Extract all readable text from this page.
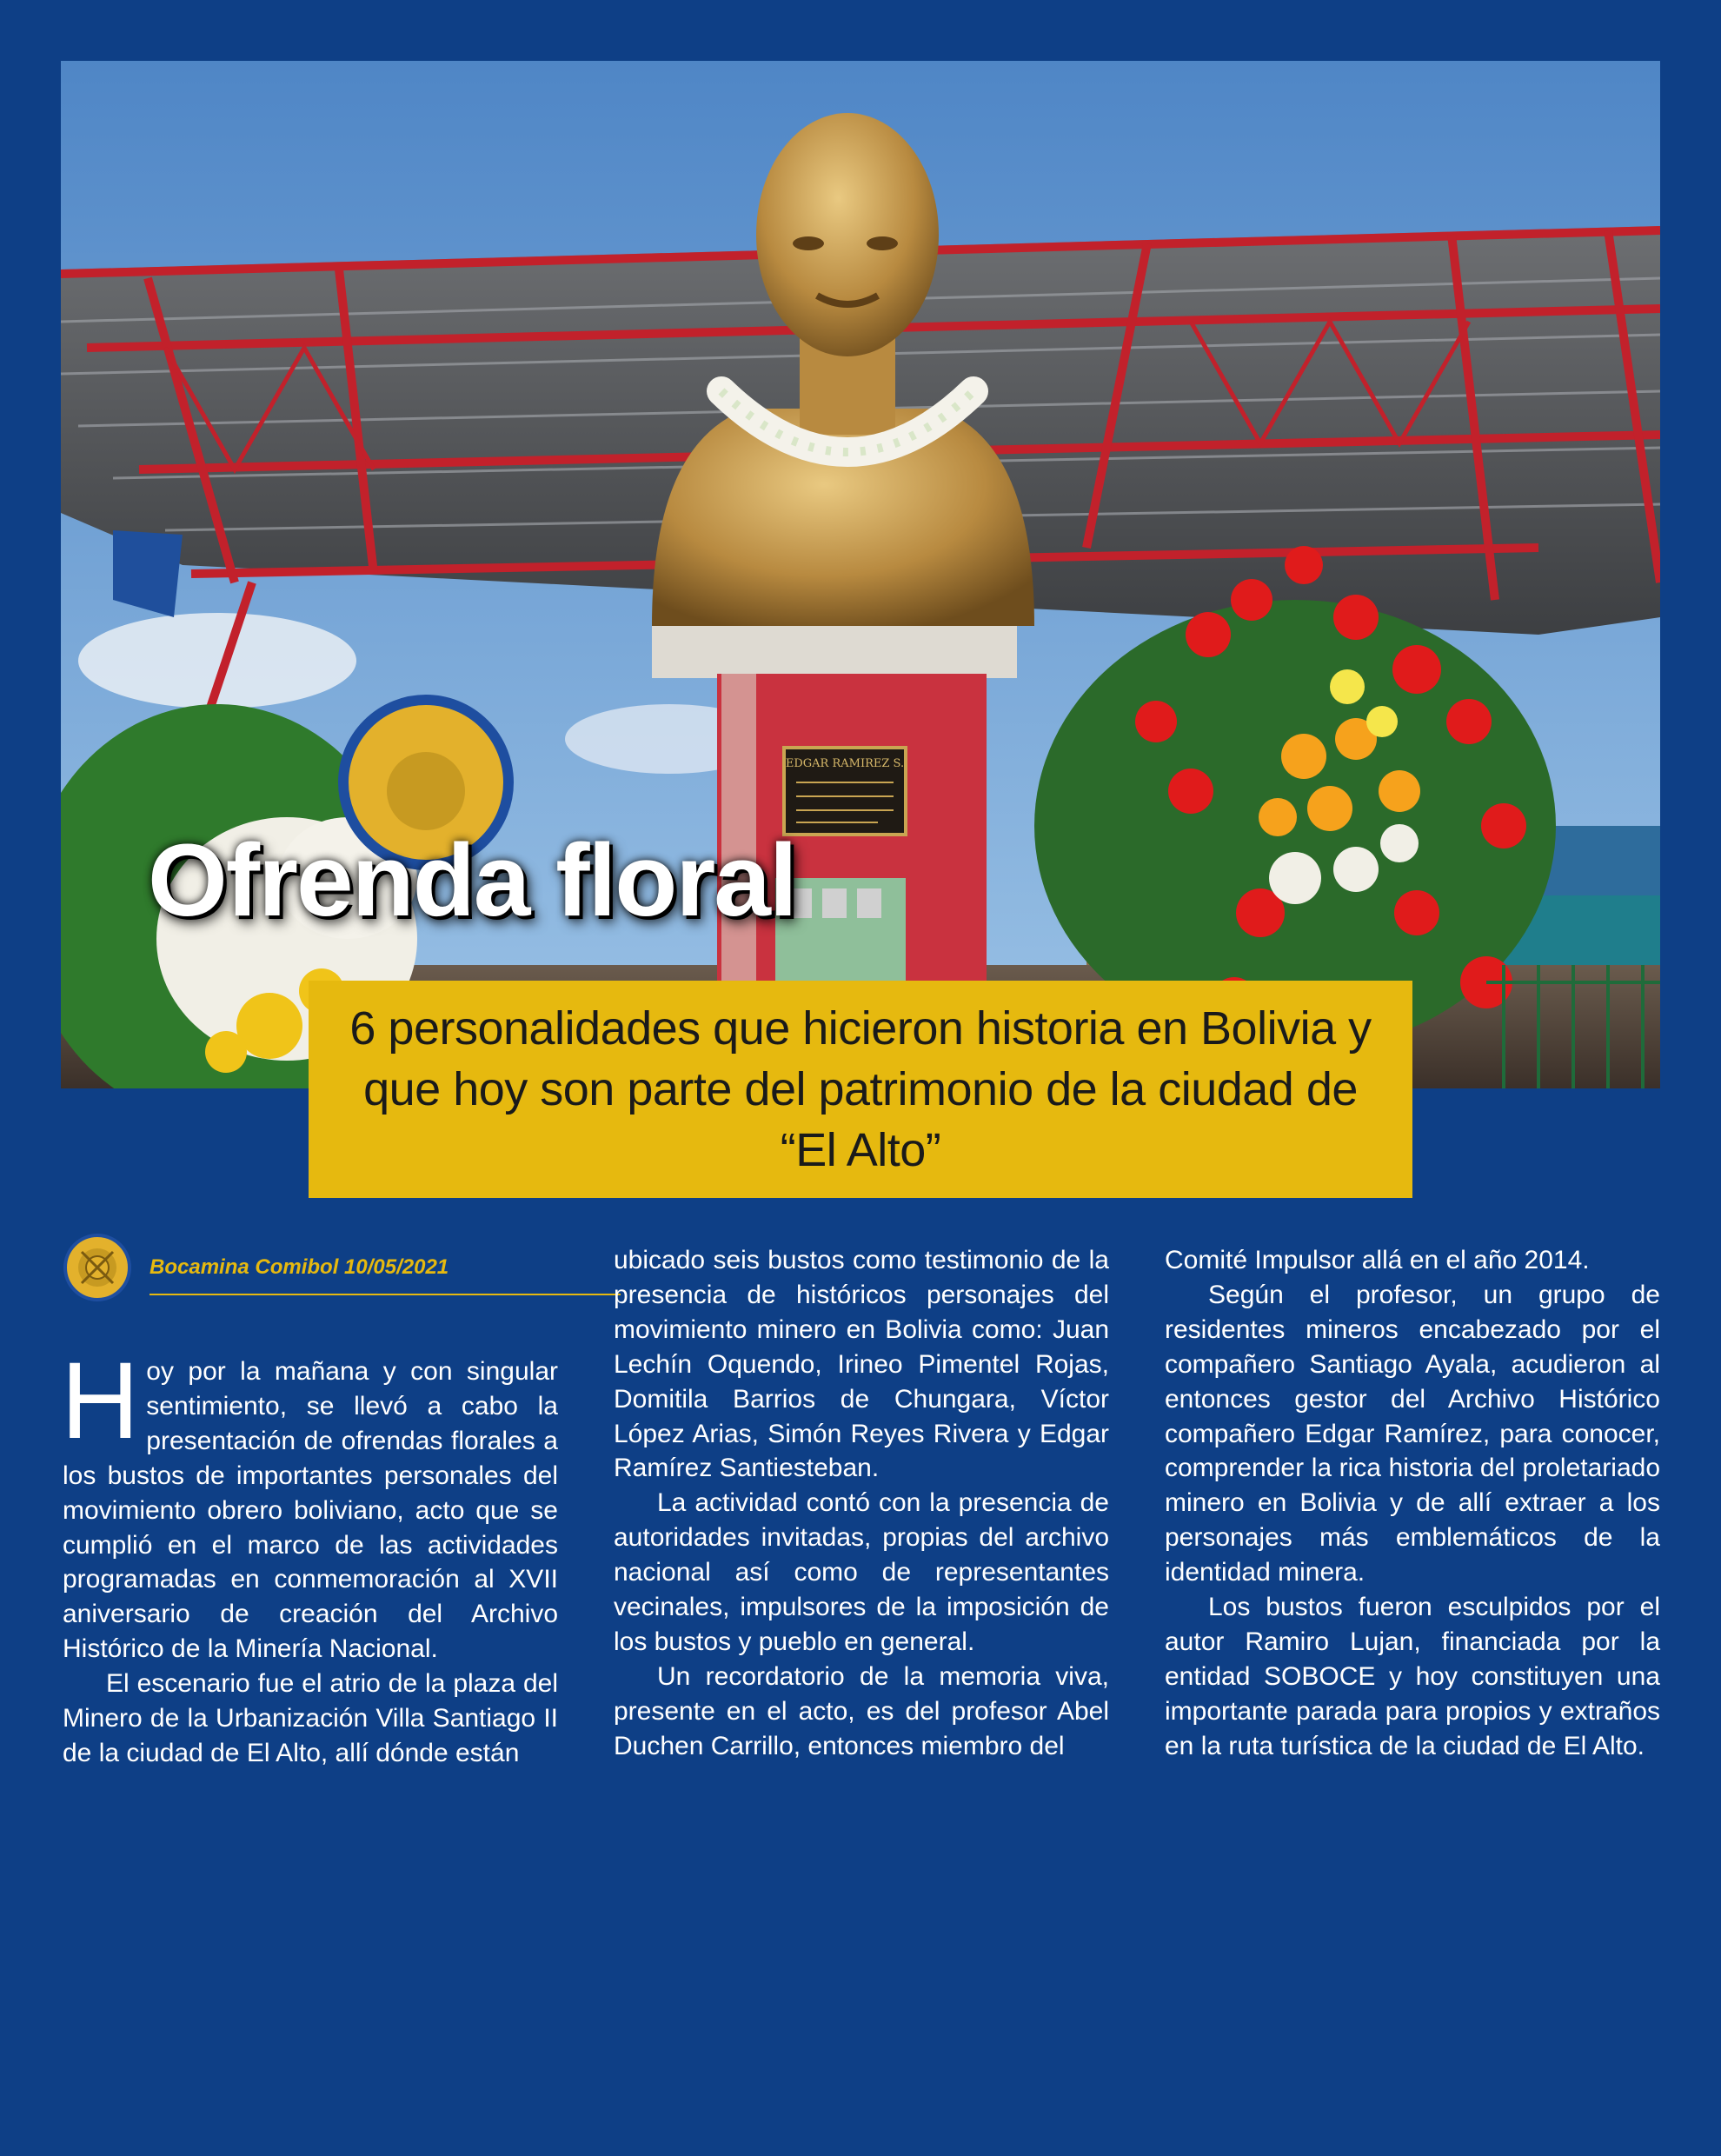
EDGAR RAMIREZ S.
Ofrenda floral
6 personalidades que hicieron historia en Bolivia y que hoy son parte del patrimonio de la ciudad de “El Alto”
Bocamina Comibol 10/05/2021

Hoy por la mañana y con singular sentimiento, se llevó a cabo la presentación de ofrendas florales a los bustos de importantes personales del movimiento obrero boliviano, acto que se cumplió en el marco de las actividades programadas en conmemoración al XVII aniversario de creación del Archivo Histórico de la Minería Nacional.

El escenario fue el atrio de la plaza del Minero de la Urbanización Villa Santiago II de la ciudad de El Alto, allí dónde están

ubicado seis bustos como testimonio de la presencia de históricos personajes del movimiento minero en Bolivia como: Juan Lechín Oquendo, Irineo Pimentel Rojas, Domitila Barrios de Chungara, Víctor López Arias, Simón Reyes Rivera y Edgar Ramírez Santiesteban.

La actividad contó con la presencia de autoridades invitadas, propias del archivo nacional así como de representantes vecinales, impulsores de la imposición de los bustos y pueblo en general.

Un recordatorio de la memoria viva, presente en el acto, es del profesor Abel Duchen Carrillo, entonces miembro del

Comité Impulsor allá en el año 2014.

Según el profesor, un grupo de residentes mineros encabezado por el compañero Santiago Ayala, acudieron al entonces gestor del Archivo Histórico compañero Edgar Ramírez, para conocer, comprender la rica historia del proletariado minero en Bolivia y de allí extraer a los personajes más emblemáticos de la identidad minera.

Los bustos fueron esculpidos por el autor Ramiro Lujan, financiada por la entidad SOBOCE y hoy constituyen una importante parada para propios y extraños en la ruta turística de la ciudad de El Alto.
